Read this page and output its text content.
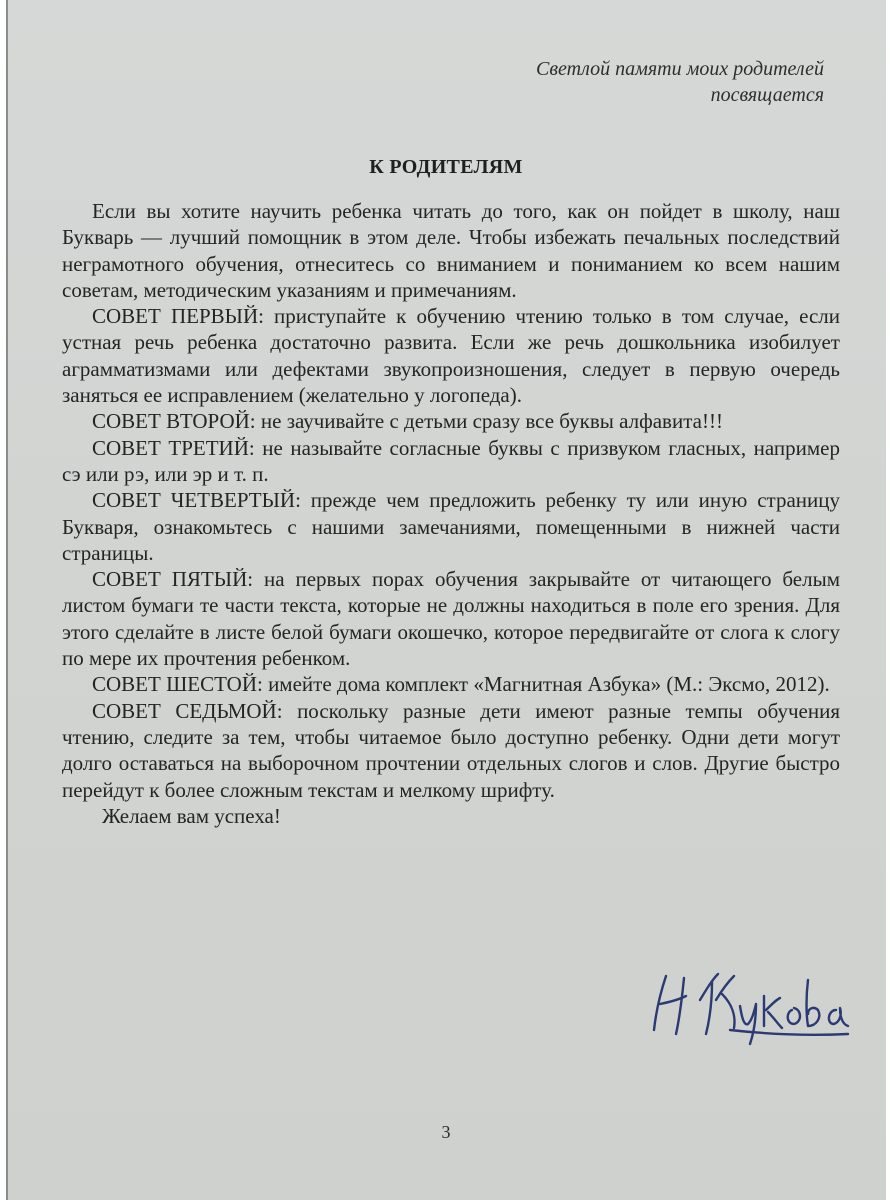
Светлой памяти моих родителей
посвящается
К РОДИТЕЛЯМ

Если вы хотите научить ребенка читать до того, как он пойдет в школу, наш Букварь — лучший помощник в этом деле. Чтобы избежать печальных последствий неграмотного обучения, отнеситесь со вниманием и пониманием ко всем нашим советам, методическим указаниям и примечаниям.

СОВЕТ ПЕРВЫЙ: приступайте к обучению чтению только в том случае, если устная речь ребенка достаточно развита. Если же речь дошкольника изобилует аграмматизмами или дефектами звукопроизношения, следует в первую очередь заняться ее исправлением (желательно у логопеда).

СОВЕТ ВТОРОЙ: не заучивайте с детьми сразу все буквы алфавита!!!

СОВЕТ ТРЕТИЙ: не называйте согласные буквы с призвуком гласных, например сэ или рэ, или эр и т. п.

СОВЕТ ЧЕТВЕРТЫЙ: прежде чем предложить ребенку ту или иную страницу Букваря, ознакомьтесь с нашими замечаниями, помещенными в нижней части страницы.

СОВЕТ ПЯТЫЙ: на первых порах обучения закрывайте от читающего белым листом бумаги те части текста, которые не должны находиться в поле его зрения. Для этого сделайте в листе белой бумаги окошечко, которое передвигайте от слога к слогу по мере их прочтения ребенком.

СОВЕТ ШЕСТОЙ: имейте дома комплект «Магнитная Азбука» (М.: Эксмо, 2012).

СОВЕТ СЕДЬМОЙ: поскольку разные дети имеют разные темпы обучения чтению, следите за тем, чтобы читаемое было доступно ребенку. Одни дети могут долго оставаться на выборочном прочтении отдельных слогов и слов. Другие быстро перейдут к более сложным текстам и мелкому шрифту.

Желаем вам успеха!

3
